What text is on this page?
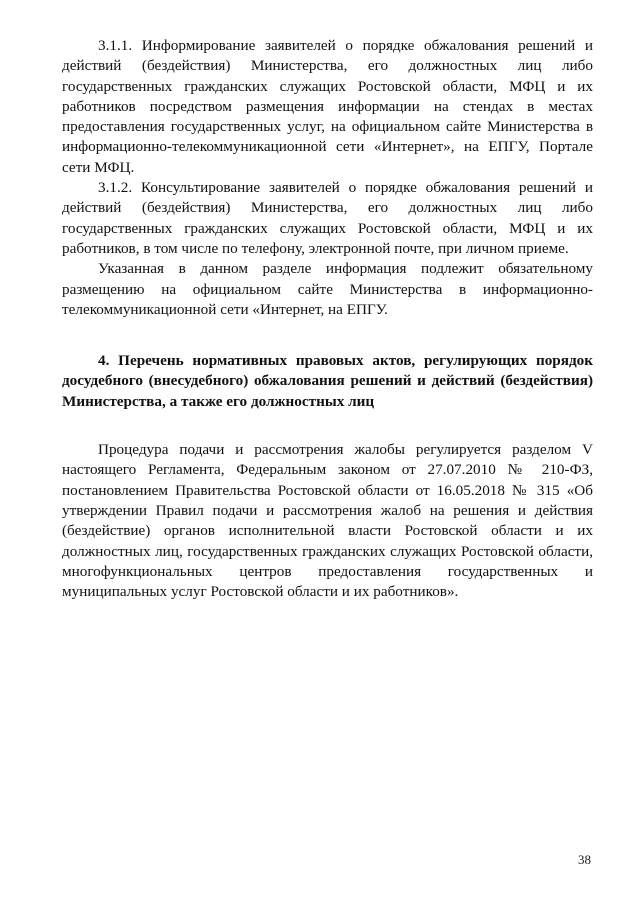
3.1.1. Информирование заявителей о порядке обжалования решений и действий (бездействия) Министерства, его должностных лиц либо государственных гражданских служащих Ростовской области, МФЦ и их работников посредством размещения информации на стендах в местах предоставления государственных услуг, на официальном сайте Министерства в информационно-телекоммуникационной сети «Интернет», на ЕПГУ, Портале сети МФЦ.

3.1.2. Консультирование заявителей о порядке обжалования решений и действий (бездействия) Министерства, его должностных лиц либо государственных гражданских служащих Ростовской области, МФЦ и их работников, в том числе по телефону, электронной почте, при личном приеме.

Указанная в данном разделе информация подлежит обязательному размещению на официальном сайте Министерства в информационно-телекоммуникационной сети «Интернет, на ЕПГУ.

4. Перечень нормативных правовых актов, регулирующих порядок досудебного (внесудебного) обжалования решений и действий (бездействия) Министерства, а также его должностных лиц

Процедура подачи и рассмотрения жалобы регулируется разделом V настоящего Регламента, Федеральным законом от 27.07.2010 № 210-ФЗ, постановлением Правительства Ростовской области от 16.05.2018 № 315 «Об утверждении Правил подачи и рассмотрения жалоб на решения и действия (бездействие) органов исполнительной власти Ростовской области и их должностных лиц, государственных гражданских служащих Ростовской области, многофункциональных центров предоставления государственных и муниципальных услуг Ростовской области и их работников».

38
